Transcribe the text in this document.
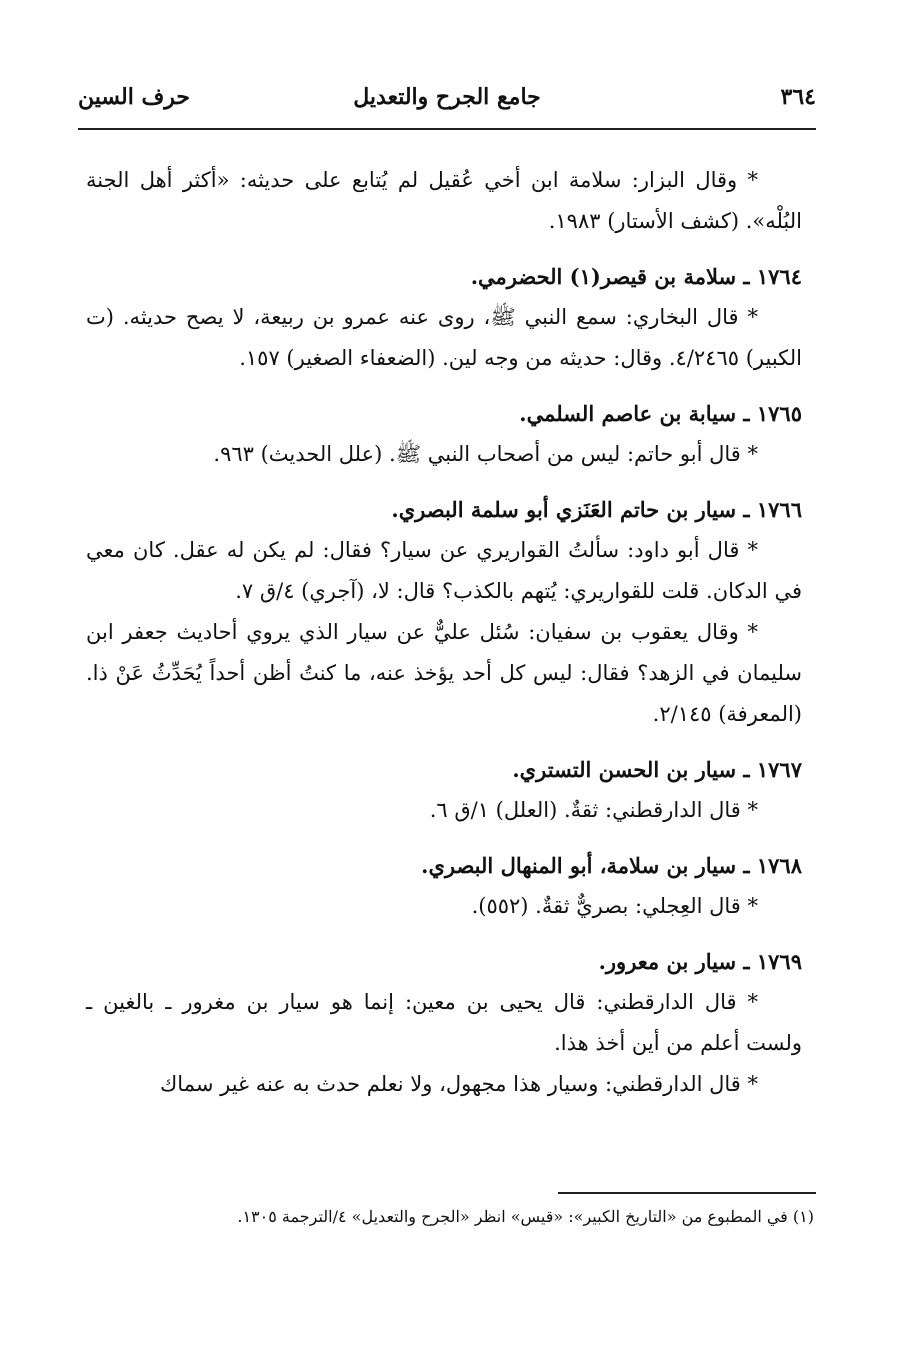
٣٦٤
جامع الجرح والتعديل
حرف السين

* وقال البزار: سلامة ابن أخي عُقيل لم يُتابع على حديثه: «أكثر أهل الجنة البُلْه». (كشف الأستار) ١٩٨٣.

١٧٦٤ ـ سلامة بن قيصر(١) الحضرمي.

* قال البخاري: سمع النبي ﷺ، روى عنه عمرو بن ربيعة، لا يصح حديثه. (ت الكبير) ٤/٢٤٦٥. وقال: حديثه من وجه لين. (الضعفاء الصغير) ١٥٧.

١٧٦٥ ـ سيابة بن عاصم السلمي.

* قال أبو حاتم: ليس من أصحاب النبي ﷺ. (علل الحديث) ٩٦٣.

١٧٦٦ ـ سيار بن حاتم العَنَزي أبو سلمة البصري.

* قال أبو داود: سألتُ القواريري عن سيار؟ فقال: لم يكن له عقل. كان معي في الدكان. قلت للقواريري: يُتهم بالكذب؟ قال: لا، (آجري) ٤/ق ٧.

* وقال يعقوب بن سفيان: سُئل عليٌّ عن سيار الذي يروي أحاديث جعفر ابن سليمان في الزهد؟ فقال: ليس كل أحد يؤخذ عنه، ما كنتُ أظن أحداً يُحَدِّثُ عَنْ ذا. (المعرفة) ٢/١٤٥.

١٧٦٧ ـ سيار بن الحسن التستري.

* قال الدارقطني: ثقةٌ. (العلل) ١/ق ٦.

١٧٦٨ ـ سيار بن سلامة، أبو المنهال البصري.

* قال العِجلي: بصريٌّ ثقةٌ. (٥٥٢).

١٧٦٩ ـ سيار بن معرور.

* قال الدارقطني: قال يحيى بن معين: إنما هو سيار بن مغرور ـ بالغين ـ ولست أعلم من أين أخذ هذا.

* قال الدارقطني: وسيار هذا مجهول، ولا نعلم حدث به عنه غير سماك

(١) في المطبوع من «التاريخ الكبير»: «قيس» انظر «الجرح والتعديل» ٤/الترجمة ١٣٠٥.
